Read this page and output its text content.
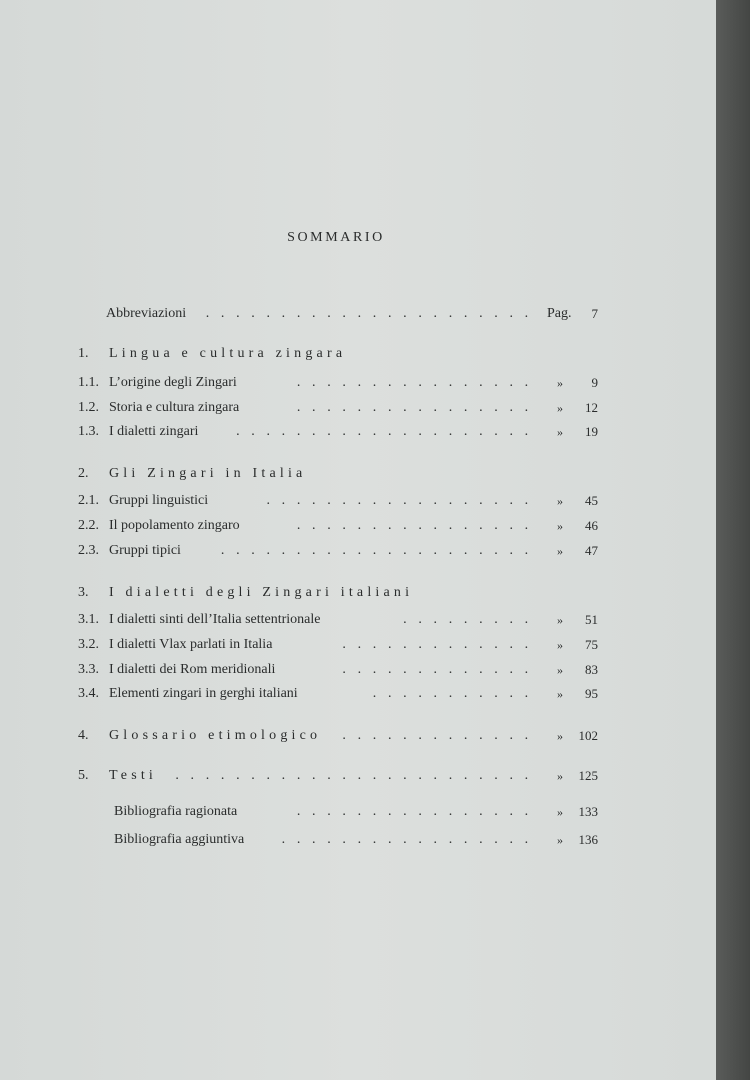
SOMMARIO
Abbreviazioni	. . . . . . . . . . . . . . . . . . . . . .	Pag.	7
1. Lingua e cultura zingara
1.1. L’origine degli Zingari	. . . . . . . . . . . . . . . .	»	9
1.2. Storia e cultura zingara	. . . . . . . . . . . . . . . .	»	12
1.3. I dialetti zingari	. . . . . . . . . . . . . . . . . . . .	»	19
2. Gli Zingari in Italia
2.1. Gruppi linguistici	. . . . . . . . . . . . . . . . . .	»	45
2.2. Il popolamento zingaro	. . . . . . . . . . . . . . . .	»	46
2.3. Gruppi tipici	. . . . . . . . . . . . . . . . . . . . .	»	47
3. I dialetti degli Zingari italiani
3.1. I dialetti sinti dell’Italia settentrionale	. . . . . . . . .	»	51
3.2. I dialetti Vlax parlati in Italia	. . . . . . . . . . . . .	»	75
3.3. I dialetti dei Rom meridionali	. . . . . . . . . . . . .	»	83
3.4. Elementi zingari in gerghi italiani	. . . . . . . . . . .	»	95
4. Glossario etimologico	. . . . . . . . . . . . .	»	102
5. Testi	. . . . . . . . . . . . . . . . . . . . . . . .	»	125
Bibliografia ragionata	. . . . . . . . . . . . . . . .	»	133
Bibliografia aggiuntiva	. . . . . . . . . . . . . . . . .	»	136
